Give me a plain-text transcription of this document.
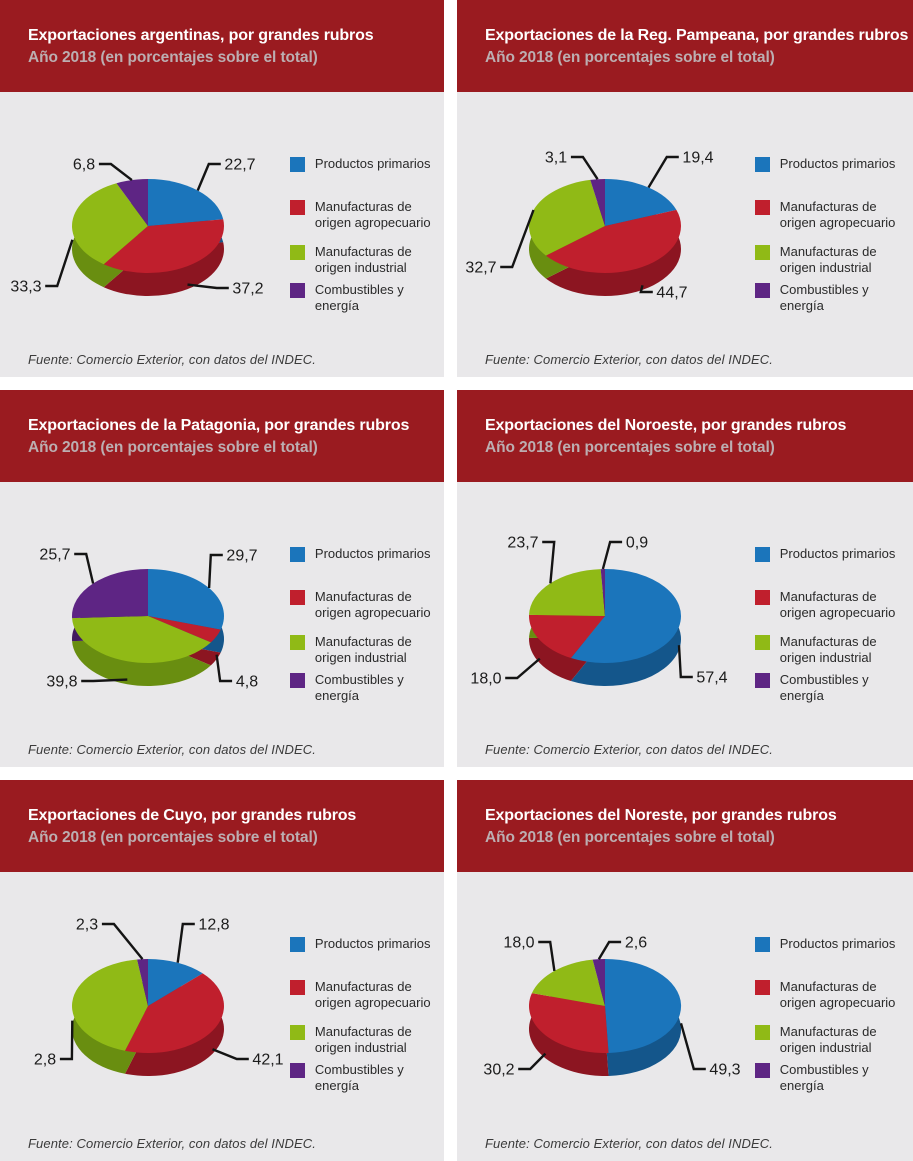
Exportaciones argentinas, por grandes rubros

Año 2018 (en porcentajes sobre el total)

22,7
37,2
33,3
6,8	Productos primarios
Manufacturas de
origen agropecuario
Manufacturas de
origen industrial
Combustibles y
energía

Fuente: Comercio Exterior, con datos del INDEC.

Exportaciones de la Reg. Pampeana, por grandes rubros

Año 2018 (en porcentajes sobre el total)

19,4
44,7
32,7
3,1	Productos primarios
Manufacturas de
origen agropecuario
Manufacturas de
origen industrial
Combustibles y
energía

Fuente: Comercio Exterior, con datos del INDEC.

Exportaciones de la Patagonia, por grandes rubros

Año 2018 (en porcentajes sobre el total)

29,7
4,8
39,8
25,7	Productos primarios
Manufacturas de
origen agropecuario
Manufacturas de
origen industrial
Combustibles y
energía

Fuente: Comercio Exterior, con datos del INDEC.

Exportaciones del Noroeste, por grandes rubros

Año 2018 (en porcentajes sobre el total)

57,4
18,0
23,7	0,9
Productos primarios
Manufacturas de
origen agropecuario
Manufacturas de
origen industrial
Combustibles y
energía

Fuente: Comercio Exterior, con datos del INDEC.

Exportaciones de Cuyo, por grandes rubros

Año 2018 (en porcentajes sobre el total)

12,8
42,1
2,8
2,3
Productos primarios
Manufacturas de
origen agropecuario
Manufacturas de
origen industrial
Combustibles y
energía

Fuente: Comercio Exterior, con datos del INDEC.

Exportaciones del Noreste, por grandes rubros

Año 2018 (en porcentajes sobre el total)

49,3
30,2
18,0	2,6	Productos primarios
Manufacturas de
origen agropecuario
Manufacturas de
origen industrial
Combustibles y
energía

Fuente: Comercio Exterior, con datos del INDEC.
